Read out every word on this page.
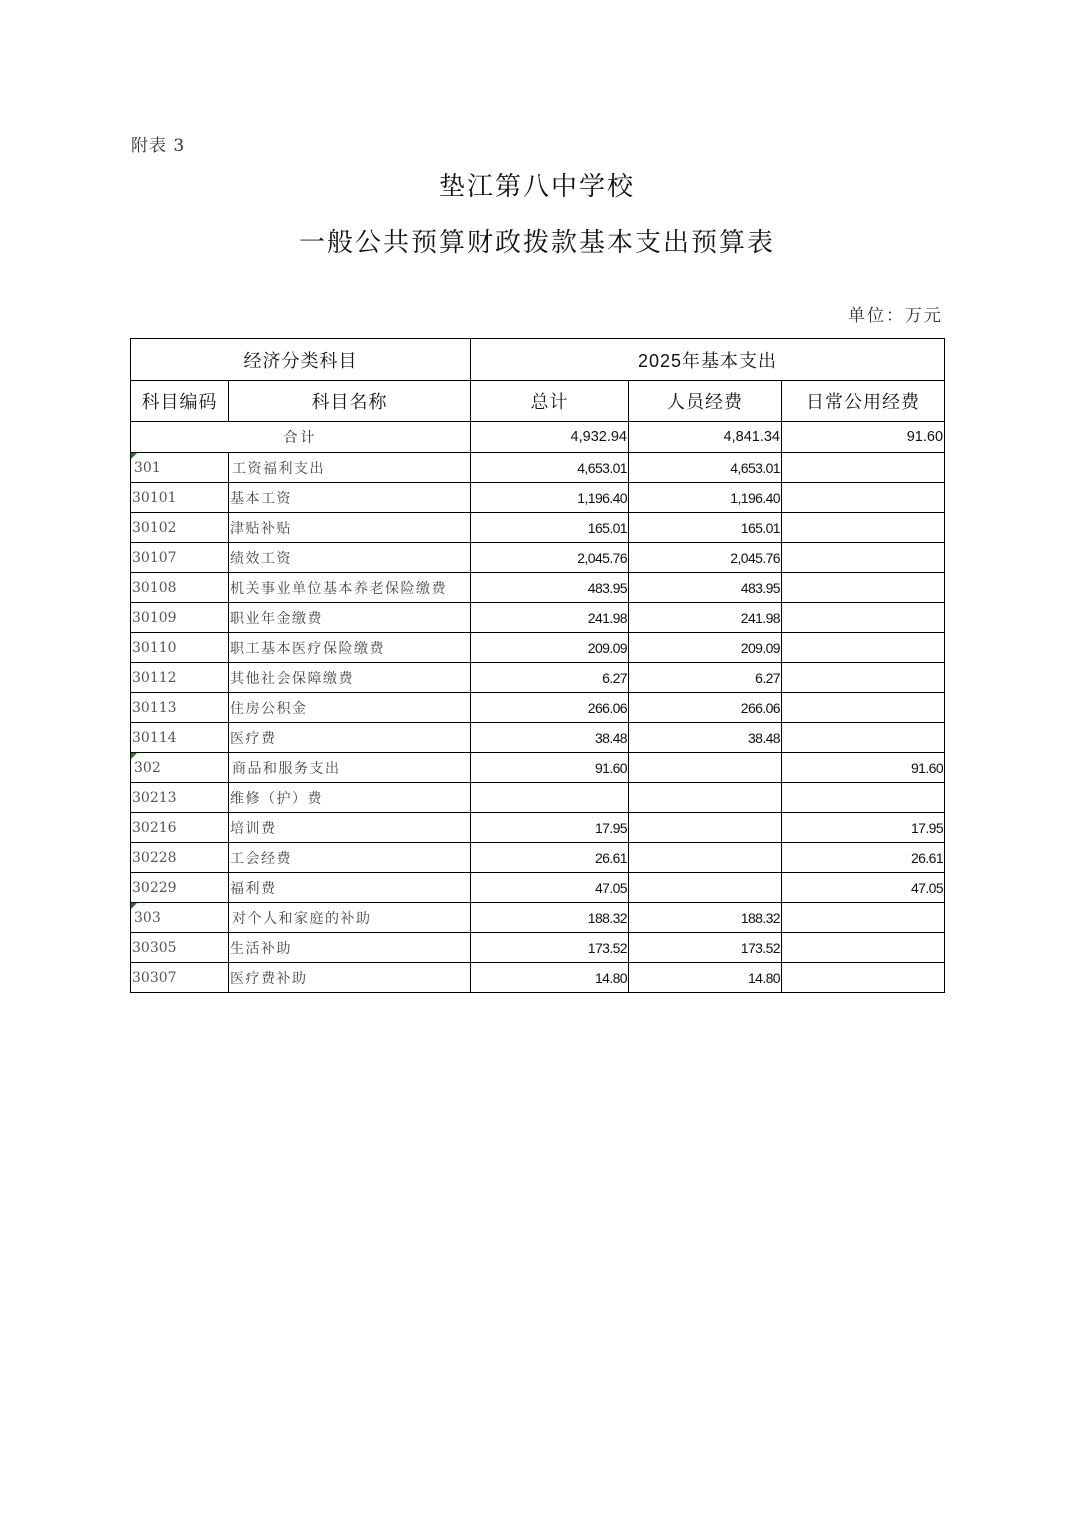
附表 3
垫江第八中学校
一般公共预算财政拨款基本支出预算表
单位：万元
经济分类科目		2025年基本支出		
科目编码	科目名称	总计	人员经费	日常公用经费
合计		4,932.94	4,841.34	91.60
301	工资福利支出	4,653.01	4,653.01	
30101	基本工资	1,196.40	1,196.40	
30102	津贴补贴	165.01	165.01	
30107	绩效工资	2,045.76	2,045.76	
30108	机关事业单位基本养老保险缴费	483.95	483.95	
30109	职业年金缴费	241.98	241.98	
30110	职工基本医疗保险缴费	209.09	209.09	
30112	其他社会保障缴费	6.27	6.27	
30113	住房公积金	266.06	266.06	
30114	医疗费	38.48	38.48	
302	商品和服务支出	91.60		91.60
30213	维修（护）费			
30216	培训费	17.95		17.95
30228	工会经费	26.61		26.61
30229	福利费	47.05		47.05
303	对个人和家庭的补助	188.32	188.32	
30305	生活补助	173.52	173.52	
30307	医疗费补助	14.80	14.80	
